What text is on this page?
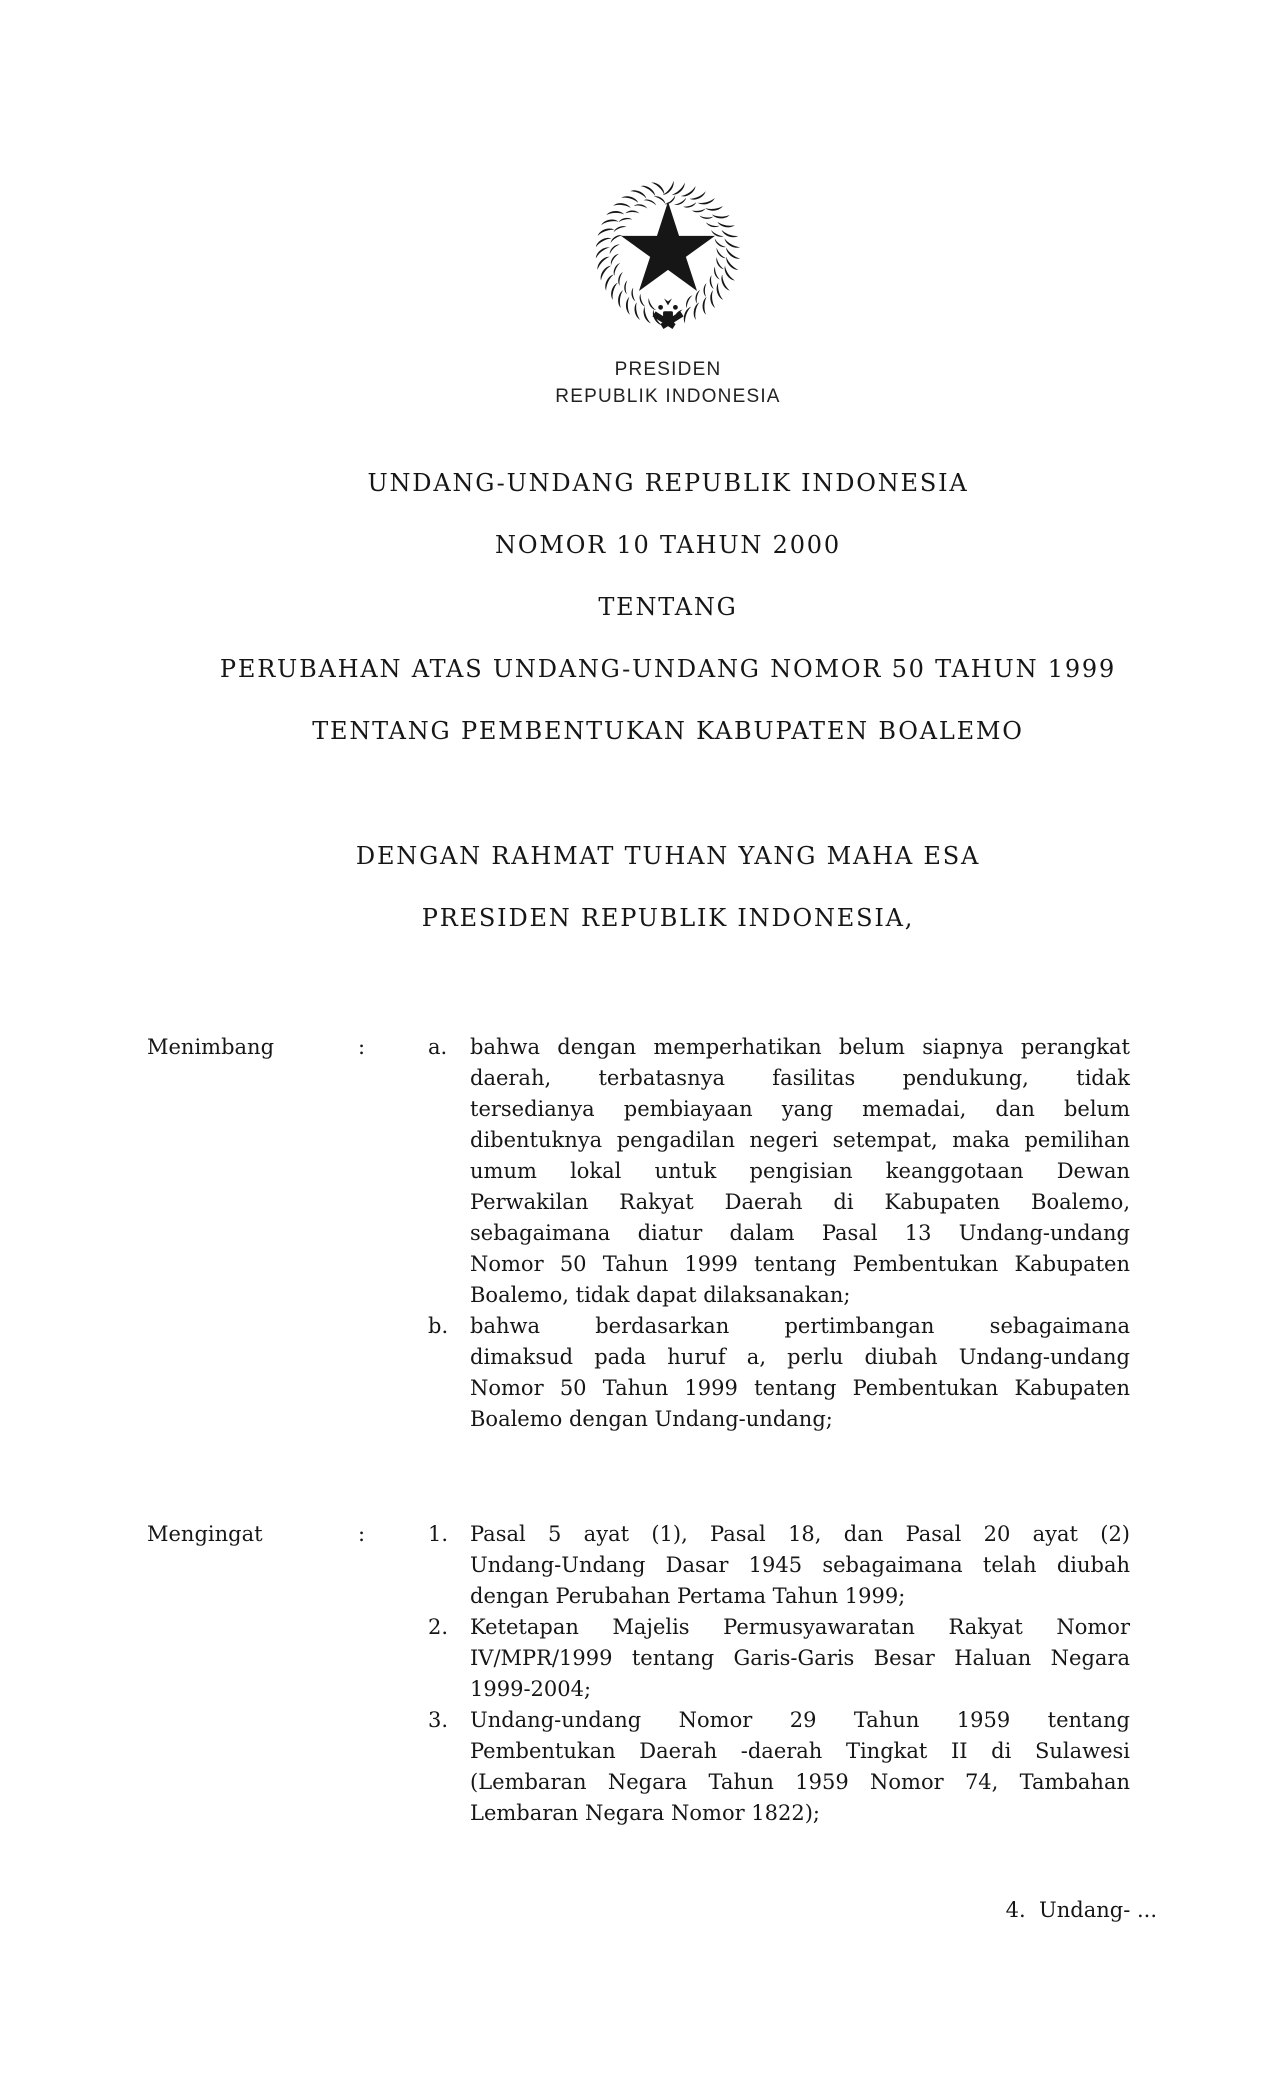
PRESIDEN
REPUBLIK INDONESIA
UNDANG-UNDANG REPUBLIK INDONESIA
NOMOR 10 TAHUN 2000
TENTANG
PERUBAHAN ATAS UNDANG-UNDANG NOMOR 50 TAHUN 1999
TENTANG PEMBENTUKAN KABUPATEN BOALEMO
DENGAN RAHMAT TUHAN YANG MAHA ESA
PRESIDEN REPUBLIK INDONESIA,
Menimbang	:	a.	bahwa dengan memperhatikan belum siapnya perangkat
daerah, terbatasnya fasilitas pendukung, tidak
tersedianya pembiayaan yang memadai, dan belum
dibentuknya pengadilan negeri setempat, maka pemilihan
umum lokal untuk pengisian keanggotaan Dewan
Perwakilan Rakyat Daerah di Kabupaten Boalemo,
sebagaimana diatur dalam Pasal 13 Undang-undang
Nomor 50 Tahun 1999 tentang Pembentukan Kabupaten
Boalemo, tidak dapat dilaksanakan;
b.	bahwa berdasarkan pertimbangan sebagaimana
dimaksud pada huruf a, perlu diubah Undang-undang
Nomor 50 Tahun 1999 tentang Pembentukan Kabupaten
Boalemo dengan Undang-undang;
Mengingat	:	1.	Pasal 5 ayat (1), Pasal 18, dan Pasal 20 ayat (2)
Undang-Undang Dasar 1945 sebagaimana telah diubah
dengan Perubahan Pertama Tahun 1999;
2.	Ketetapan Majelis Permusyawaratan Rakyat Nomor
IV/MPR/1999 tentang Garis-Garis Besar Haluan Negara
1999-2004;
3.	Undang-undang Nomor 29 Tahun 1959 tentang
Pembentukan Daerah -daerah Tingkat II di Sulawesi
(Lembaran Negara Tahun 1959 Nomor 74, Tambahan
Lembaran Negara Nomor 1822);
4.  Undang- ...
